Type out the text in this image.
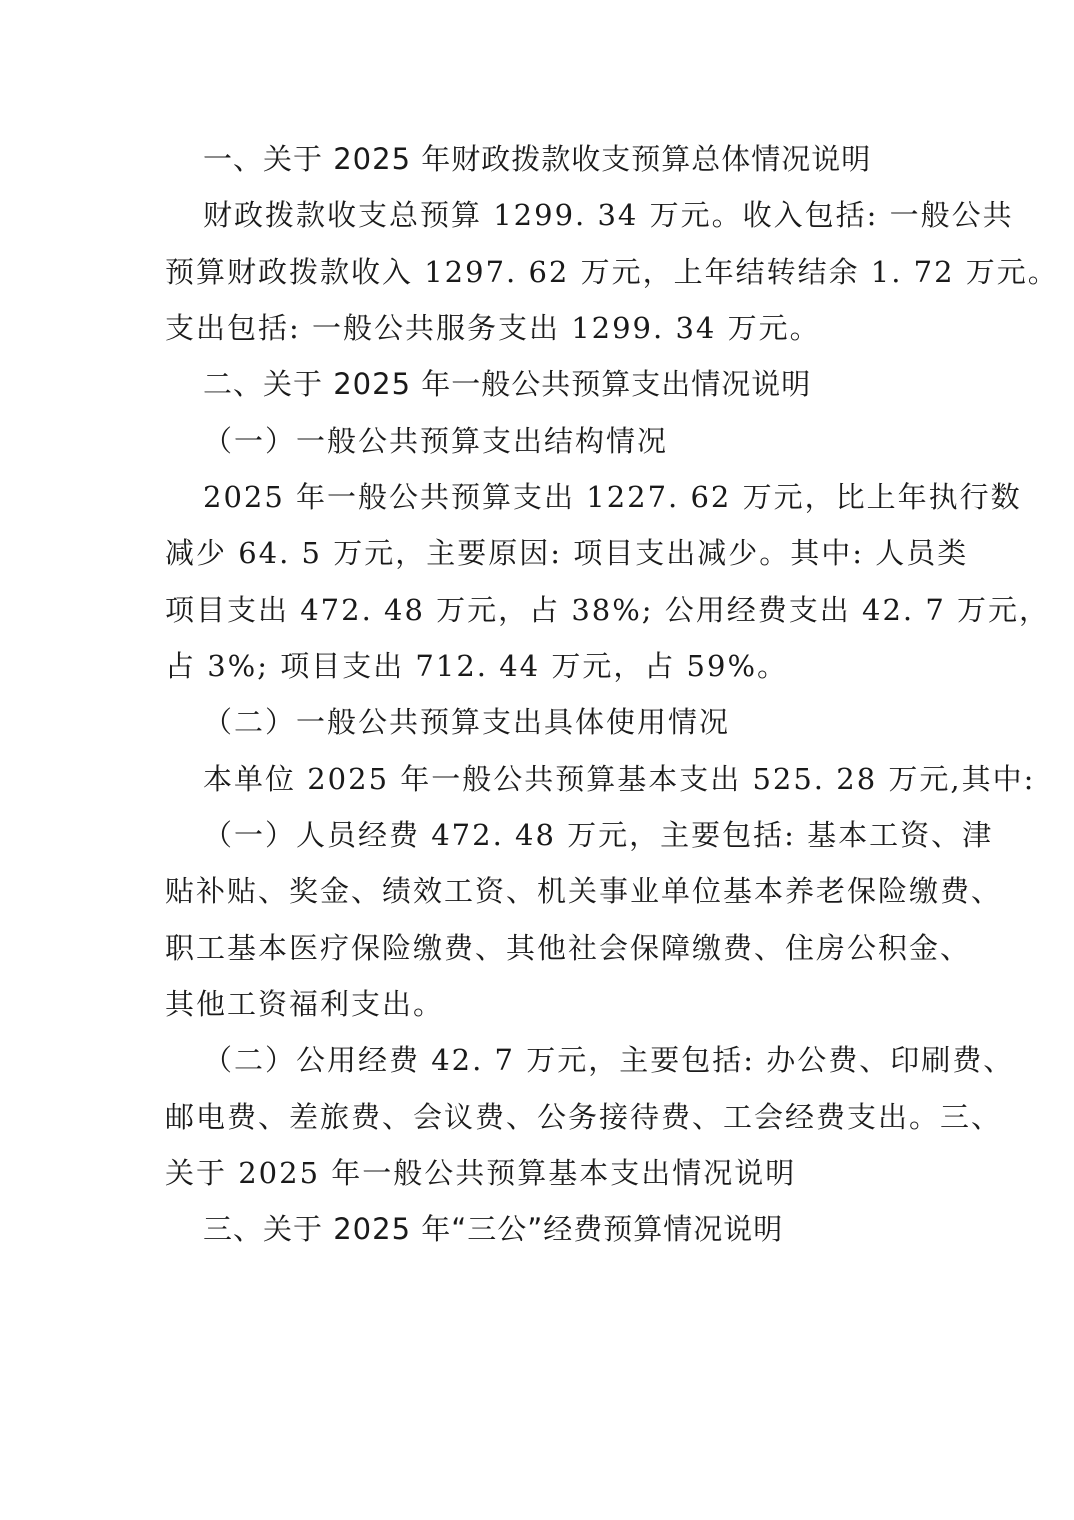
一、关于 2025 年财政拨款收支预算总体情况说明
财政拨款收支总预算 1299. 34 万元。收入包括: 一般公共
预算财政拨款收入 1297. 62 万元，上年结转结余 1. 72 万元。
支出包括: 一般公共服务支出 1299. 34 万元。
二、关于 2025 年一般公共预算支出情况说明
（一）一般公共预算支出结构情况
2025 年一般公共预算支出 1227. 62 万元，比上年执行数
减少 64. 5 万元，主要原因: 项目支出减少。其中: 人员类
项目支出 472. 48 万元，占 38%; 公用经费支出 42. 7 万元，
占 3%; 项目支出 712. 44 万元，占 59%。
（二）一般公共预算支出具体使用情况
本单位 2025 年一般公共预算基本支出 525. 28 万元,其中:
（一）人员经费 472. 48 万元，主要包括: 基本工资、津
贴补贴、奖金、绩效工资、机关事业单位基本养老保险缴费、
职工基本医疗保险缴费、其他社会保障缴费、住房公积金、
其他工资福利支出。
（二）公用经费 42. 7 万元，主要包括: 办公费、印刷费、
邮电费、差旅费、会议费、公务接待费、工会经费支出。三、
关于 2025 年一般公共预算基本支出情况说明
三、关于 2025 年“三公”经费预算情况说明
